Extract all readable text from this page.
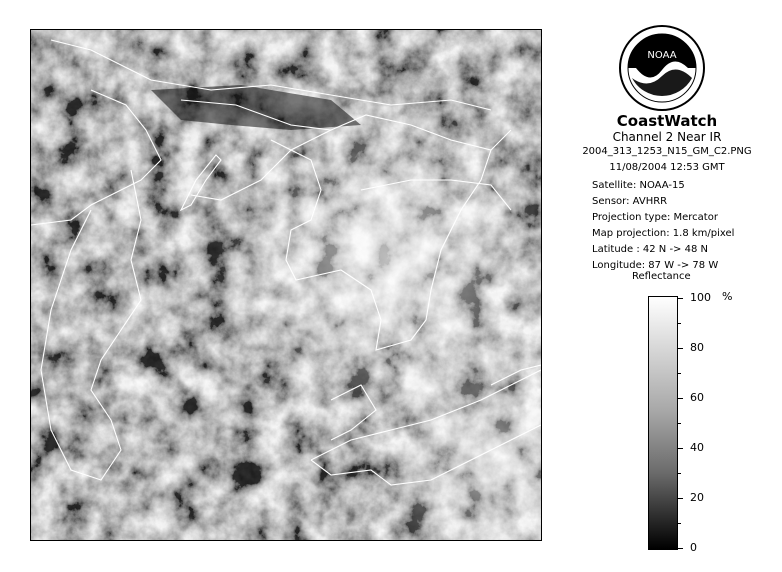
NOAA
CoastWatch
Channel 2 Near IR
2004_313_1253_N15_GM_C2.PNG
11/08/2004 12:53 GMT
Satellite: NOAA-15
Sensor: AVHRR
Projection type: Mercator
Map projection: 1.8 km/pixel
Latitude : 42 N -> 48 N
Longitude: 87 W -> 78 W
Reflectance
%
100
80
60
40
20
0
